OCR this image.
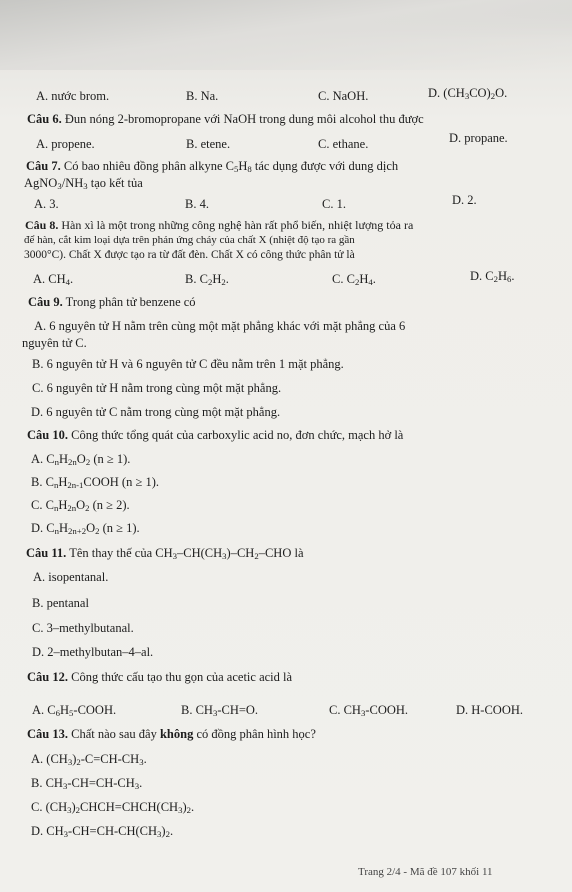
A. nước brom.	B. Na.	C. NaOH.	D. $(CH_3CO)_2O$.
Câu 6. Đun nóng 2-bromopropane với NaOH trong dung môi alcohol thu được
A. propene.	B. etene.	C. ethane.	D. propane.
Câu 7. Có bao nhiêu đồng phân alkyne $C_5H_8$ tác dụng được với dung dịch
$AgNO_3/NH_3$ tạo kết tủa
A. 3.	B. 4.	C. 1.	D. 2.
Câu 8. Hàn xì là một trong những công nghệ hàn rất phổ biến, nhiệt lượng tỏa ra
để hàn, cắt kim loại dựa trên phản ứng cháy của chất X (nhiệt độ tạo ra gần
3000°C). Chất X được tạo ra từ đất đèn. Chất X có công thức phân tử là
A. $CH_4$.	B. $C_2H_2$.	C. $C_2H_4$.	D. $C_2H_6$.
Câu 9. Trong phân tử benzene có
A. 6 nguyên tử H nằm trên cùng một mặt phẳng khác với mặt phẳng của 6
nguyên tử C.
B. 6 nguyên tử H và 6 nguyên tử C đều nằm trên 1 mặt phẳng.
C. 6 nguyên tử H nằm trong cùng một mặt phẳng.
D. 6 nguyên tử C nằm trong cùng một mặt phẳng.
Câu 10. Công thức tổng quát của carboxylic acid no, đơn chức, mạch hở là
A. $C_nH_{2n}O_2$ (n ≥ 1).
B. $C_nH_{2n-1}COOH$ (n ≥ 1).
C. $C_nH_{2n}O_2$ (n ≥ 2).
D. $C_nH_{2n+2}O_2$ (n ≥ 1).
Câu 11. Tên thay thế của $CH_3-CH(CH_3)-CH_2$–CHO là
A. isopentanal.
B. pentanal
C. 3–methylbutanal.
D. 2–methylbutan–4–al.
Câu 12. Công thức cấu tạo thu gọn của acetic acid là
A. $C_6H_5$-COOH.	B. $CH_3-CH=O$.	C. $CH_3$-COOH.	D. H-COOH.
Câu 13. Chất nào sau đây không có đồng phân hình học?
A. $(CH_3)_2-C=CH-CH_3$.
B. $CH_3-CH=CH-CH_3$.
C. $(CH_3)_2CHCH=CHCH(CH_3)_2$.
D. $CH_3-CH=CH-CH(CH_3)_2$.
Trang 2/4 - Mã đề 107 khối 11
